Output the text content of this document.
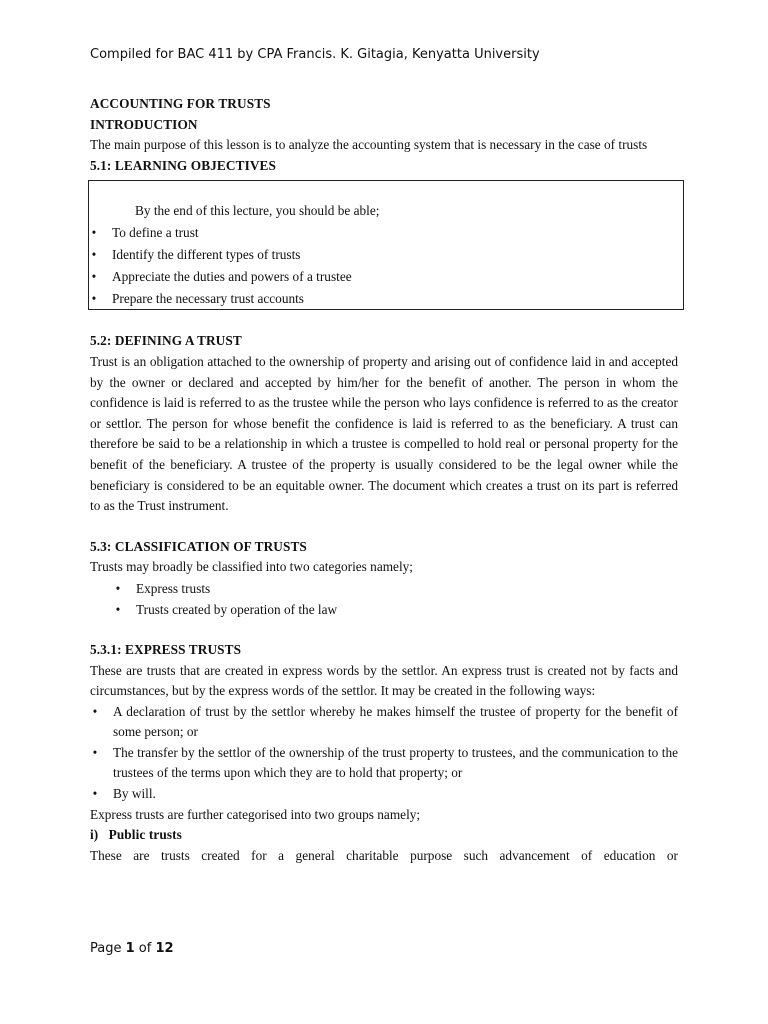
Compiled for BAC 411 by CPA Francis. K. Gitagia, Kenyatta University

ACCOUNTING FOR TRUSTS

INTRODUCTION

The main purpose of this lesson is to analyze the accounting system that is necessary in the case of trusts

5.1: LEARNING OBJECTIVES

By the end of this lecture, you should be able;

• To define a trust
• Identify the different types of trusts
• Appreciate the duties and powers of a trustee
• Prepare the necessary trust accounts

5.2: DEFINING A TRUST

Trust is an obligation attached to the ownership of property and arising out of confidence laid in and accepted by the owner or declared and accepted by him/her for the benefit of another. The person in whom the confidence is laid is referred to as the trustee while the person who lays confidence is referred to as the creator or settlor. The person for whose benefit the confidence is laid is referred to as the beneficiary. A trust can therefore be said to be a relationship in which a trustee is compelled to hold real or personal property for the benefit of the beneficiary. A trustee of the property is usually considered to be the legal owner while the beneficiary is considered to be an equitable owner. The document which creates a trust on its part is referred to as the Trust instrument.

5.3: CLASSIFICATION OF TRUSTS

Trusts may broadly be classified into two categories namely;

• Express trusts
• Trusts created by operation of the law

5.3.1: EXPRESS TRUSTS

These are trusts that are created in express words by the settlor. An express trust is created not by facts and circumstances, but by the express words of the settlor. It may be created in the following ways:

• A declaration of trust by the settlor whereby he makes himself the trustee of property for the benefit of some person; or
• The transfer by the settlor of the ownership of the trust property to trustees, and the communication to the trustees of the terms upon which they are to hold that property; or
• By will.

Express trusts are further categorised into two groups namely;

i)   Public trusts

These are trusts created for a general charitable purpose such advancement of education or

Page 1 of 12
